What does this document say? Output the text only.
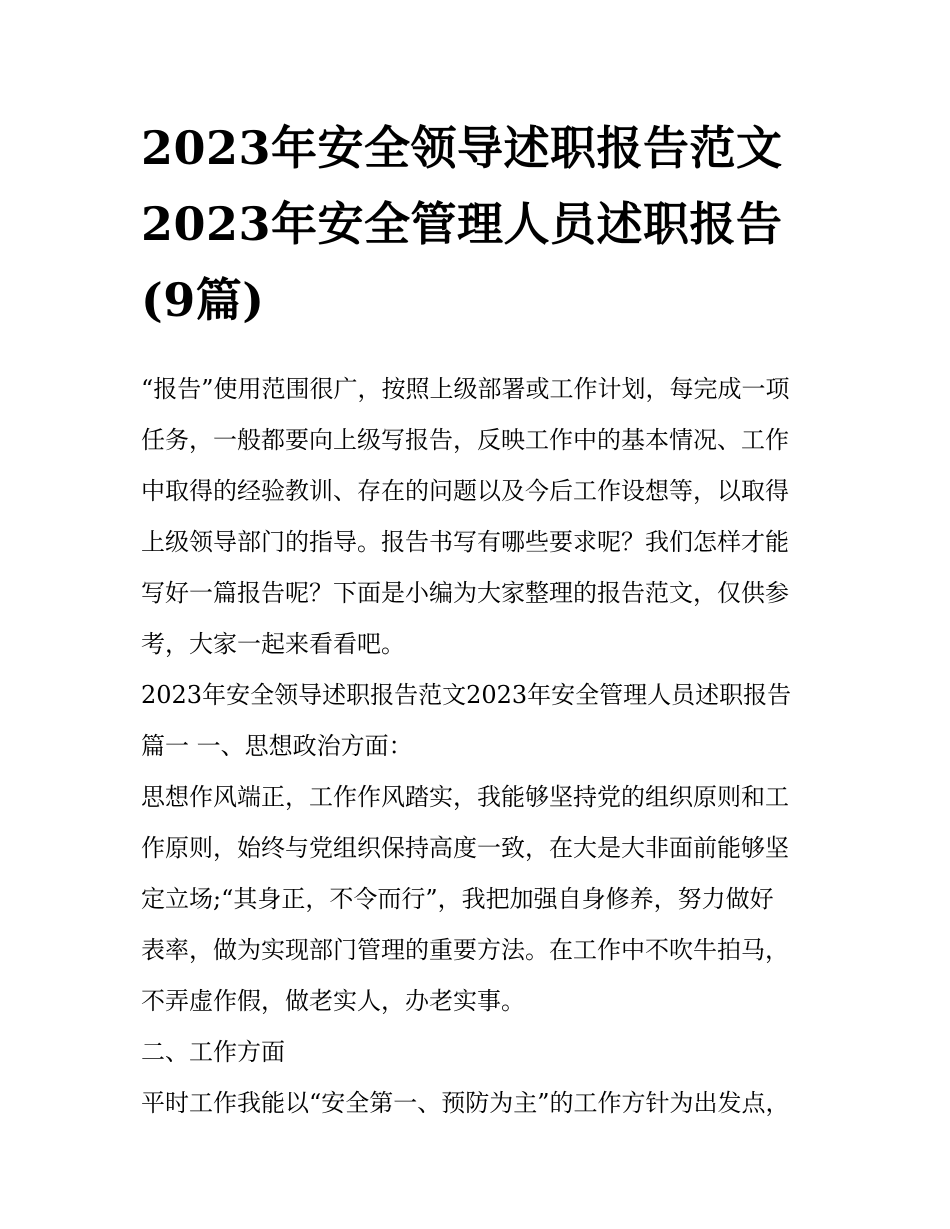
2023年安全领导述职报告范文
2023年安全管理人员述职报告
(9篇)

“报告”使用范围很广，按照上级部署或工作计划，每完成一项
任务，一般都要向上级写报告，反映工作中的基本情况、工作
中取得的经验教训、存在的问题以及今后工作设想等，以取得
上级领导部门的指导。报告书写有哪些要求呢？我们怎样才能
写好一篇报告呢？下面是小编为大家整理的报告范文，仅供参
考，大家一起来看看吧。

2023年安全领导述职报告范文2023年安全管理人员述职报告
篇一 一、思想政治方面：

思想作风端正，工作作风踏实，我能够坚持党的组织原则和工
作原则，始终与党组织保持高度一致，在大是大非面前能够坚
定立场;“其身正，不令而行”，我把加强自身修养，努力做好
表率，做为实现部门管理的重要方法。在工作中不吹牛拍马，
不弄虚作假，做老实人，办老实事。

二、工作方面

平时工作我能以“安全第一、预防为主”的工作方针为出发点，
